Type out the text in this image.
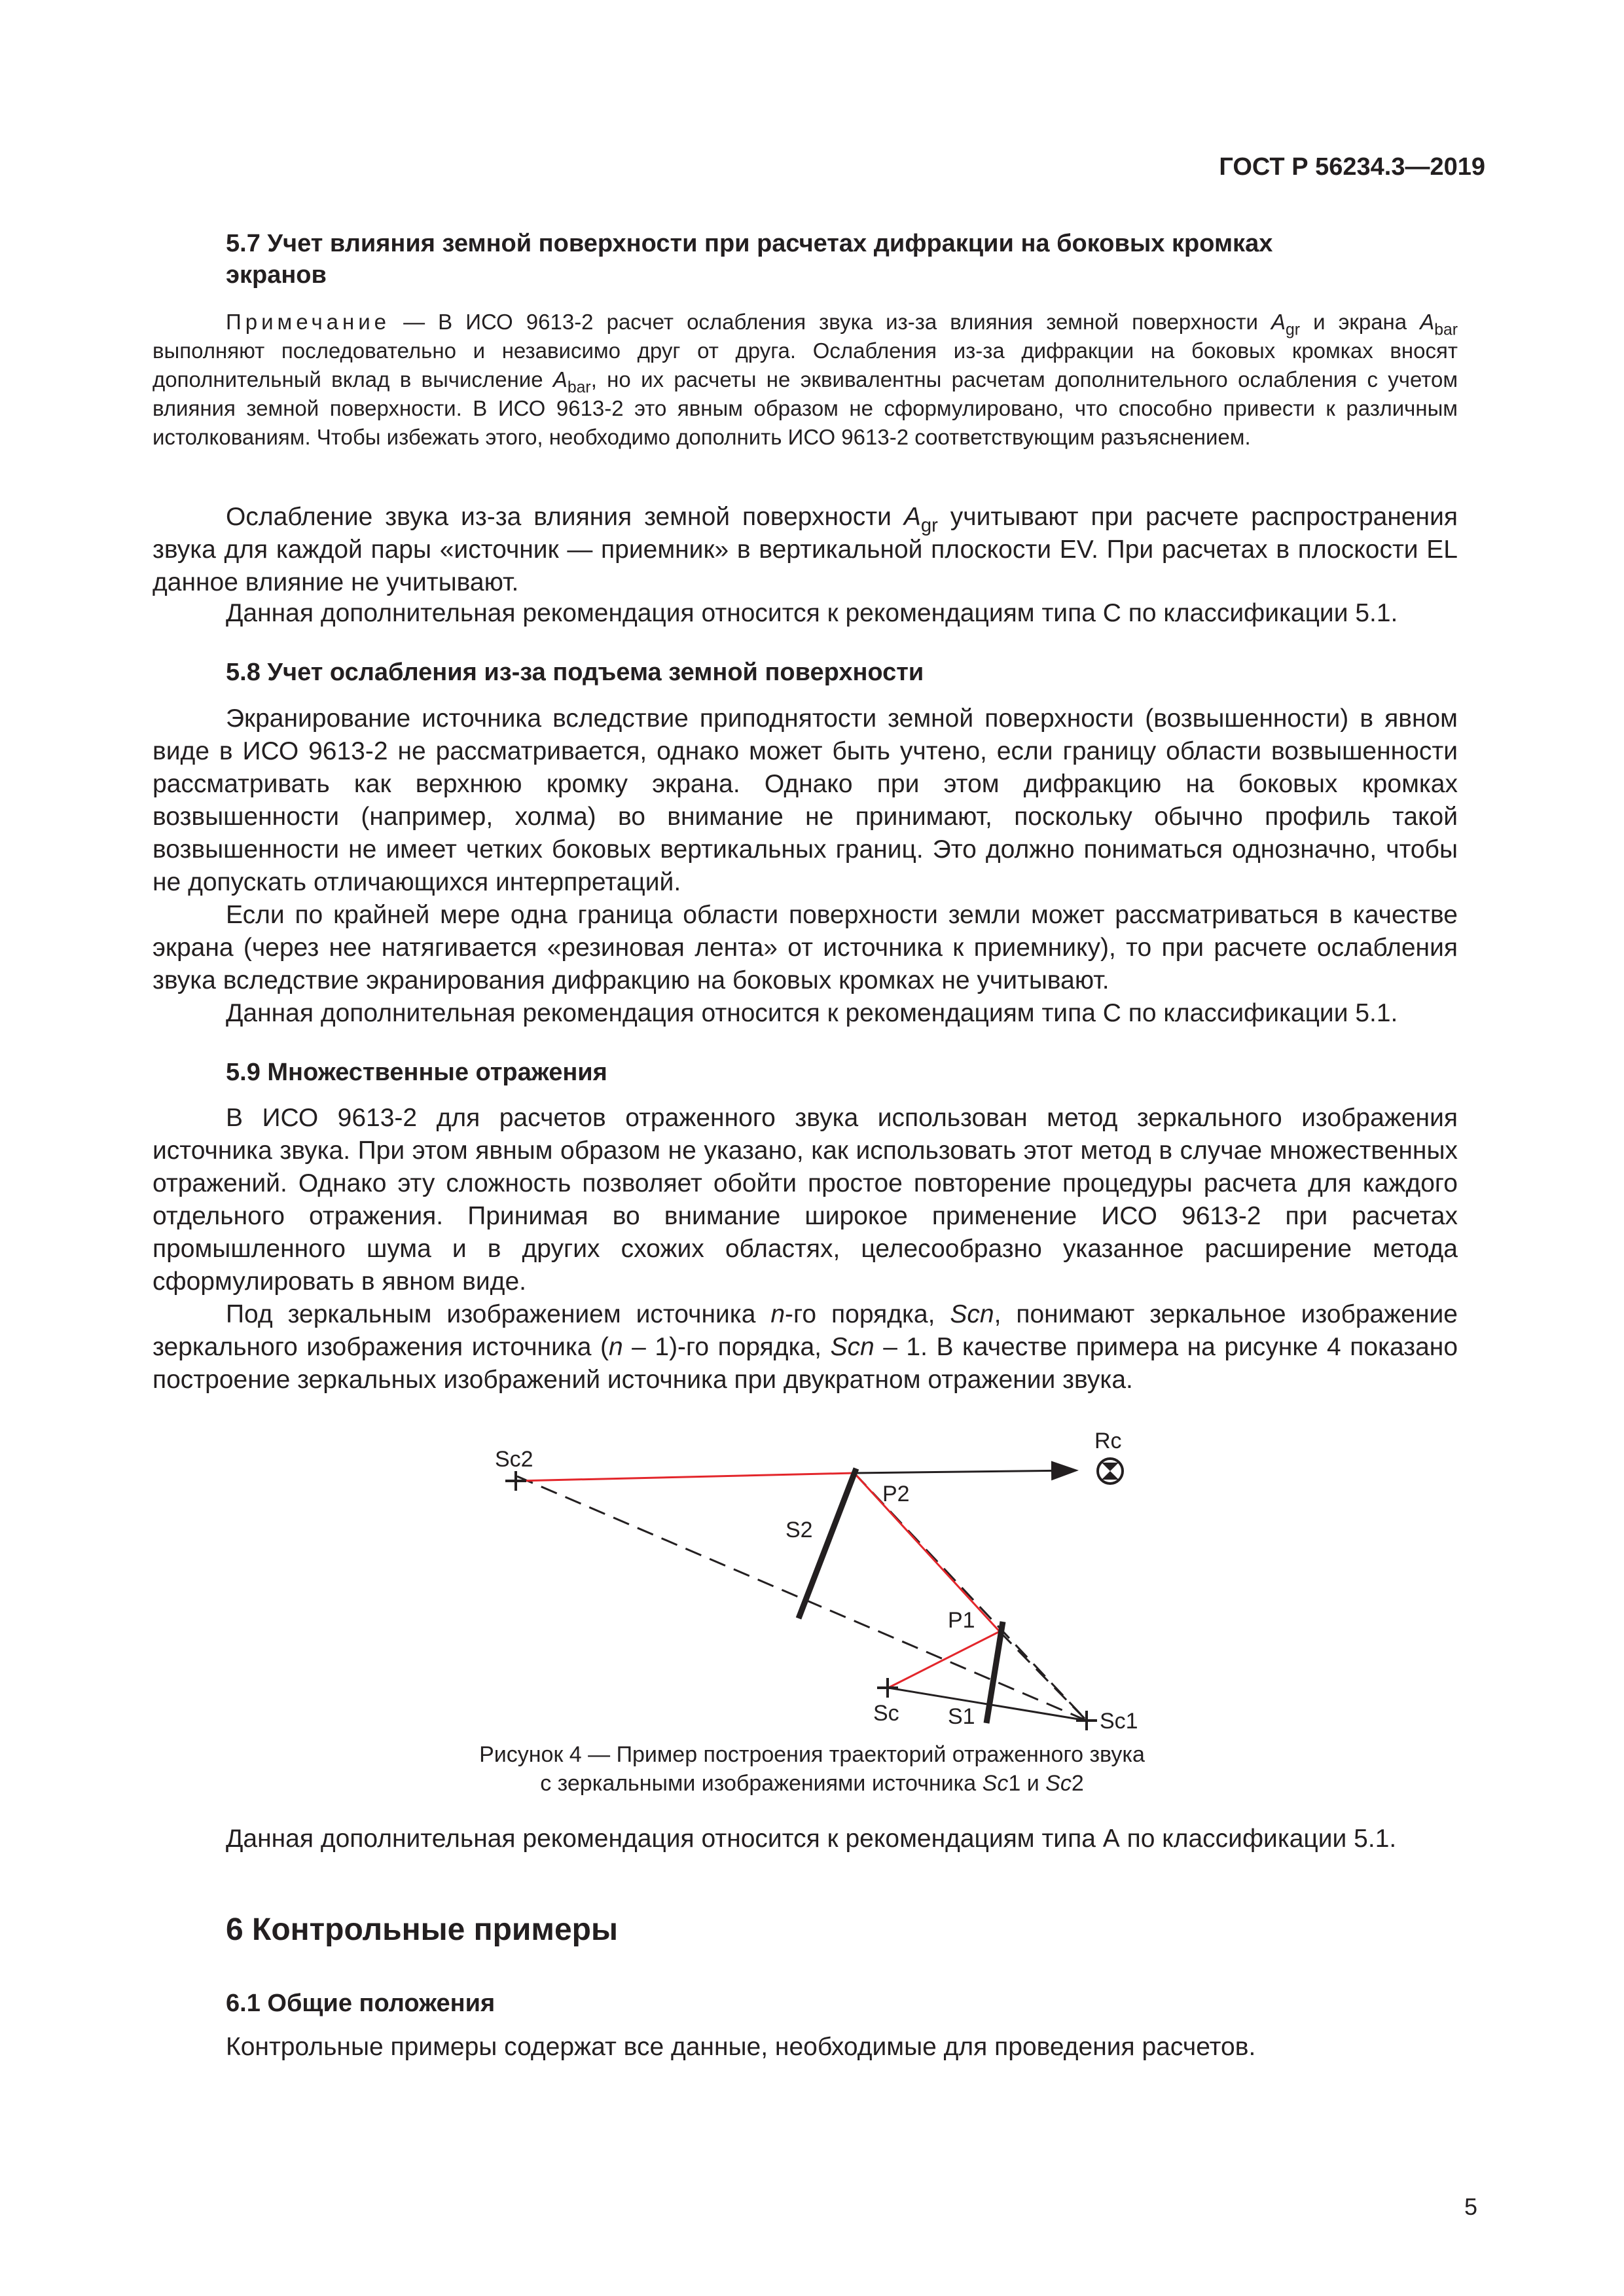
ГОСТ Р 56234.3—2019
5.7 Учет влияния земной поверхности при расчетах дифракции на боковых кромках
экранов
Примечание — В ИСО 9613-2 расчет ослабления звука из-за влияния земной поверхности $A_{gr}$ и экрана $A_{bar}$ выполняют последовательно и независимо друг от друга. Ослабления из-за дифракции на боковых кромках вносят дополнительный вклад в вычисление $A_{bar}$, но их расчеты не эквивалентны расчетам дополнительного ослабления с учетом влияния земной поверхности. В ИСО 9613-2 это явным образом не сформулировано, что способно привести к различным истолкованиям. Чтобы избежать этого, необходимо дополнить ИСО 9613-2 соответствующим разъяснением.
Ослабление звука из-за влияния земной поверхности $A_{gr}$ учитывают при расчете распространения звука для каждой пары «источник — приемник» в вертикальной плоскости EV. При расчетах в плоскости EL данное влияние не учитывают.
Данная дополнительная рекомендация относится к рекомендациям типа С по классификации 5.1.
5.8 Учет ослабления из-за подъема земной поверхности
Экранирование источника вследствие приподнятости земной поверхности (возвышенности) в явном виде в ИСО 9613-2 не рассматривается, однако может быть учтено, если границу области возвышенности рассматривать как верхнюю кромку экрана. Однако при этом дифракцию на боковых кромках возвышенности (например, холма) во внимание не принимают, поскольку обычно профиль такой возвышенности не имеет четких боковых вертикальных границ. Это должно пониматься однозначно, чтобы не допускать отличающихся интерпретаций.
Если по крайней мере одна граница области поверхности земли может рассматриваться в качестве экрана (через нее натягивается «резиновая лента» от источника к приемнику), то при расчете ослабления звука вследствие экранирования дифракцию на боковых кромках не учитывают.
Данная дополнительная рекомендация относится к рекомендациям типа С по классификации 5.1.
5.9 Множественные отражения
В ИСО 9613-2 для расчетов отраженного звука использован метод зеркального изображения источника звука. При этом явным образом не указано, как использовать этот метод в случае множественных отражений. Однако эту сложность позволяет обойти простое повторение процедуры расчета для каждого отдельного отражения. Принимая во внимание широкое применение ИСО 9613-2 при расчетах промышленного шума и в других схожих областях, целесообразно указанное расширение метода сформулировать в явном виде.
Под зеркальным изображением источника n-го порядка, Scn, понимают зеркальное изображение зеркального изображения источника (n – 1)-го порядка, Scn – 1. В качестве примера на рисунке 4 показано построение зеркальных изображений источника при двукратном отражении звука.
Sc2
Rc
P2
S2
P1
Sc S1	Sc1
Рисунок 4 — Пример построения траекторий отраженного звука
с зеркальными изображениями источника Sc1 и Sc2
Данная дополнительная рекомендация относится к рекомендациям типа А по классификации 5.1.
6 Контрольные примеры
6.1 Общие положения
Контрольные примеры содержат все данные, необходимые для проведения расчетов.
5
